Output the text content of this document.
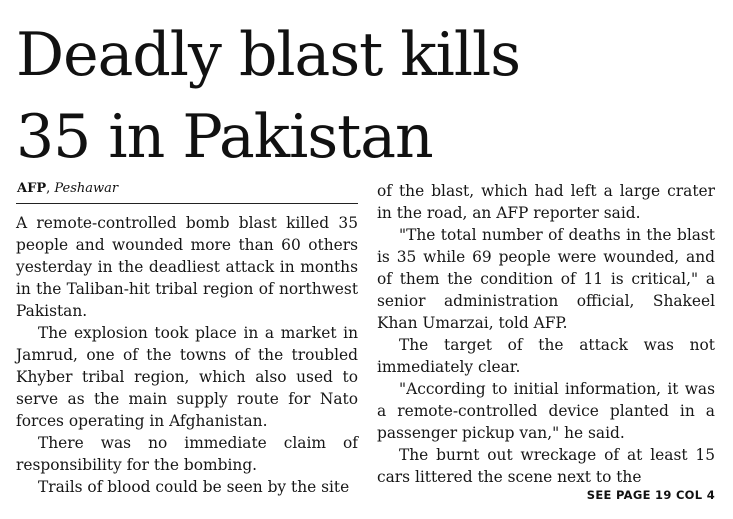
Deadly blast kills
35 in Pakistan
AFP, Peshawar

A remote-controlled bomb blast killed 35 people and wounded more than 60 others yesterday in the deadliest attack in months in the Taliban-hit tribal region of northwest Pakistan.

The explosion took place in a market in Jamrud, one of the towns of the troubled Khyber tribal region, which also used to serve as the main supply route for Nato forces operating in Afghanistan.

There was no immediate claim of responsibility for the bombing.

Trails of blood could be seen by the site

of the blast, which had left a large crater in the road, an AFP reporter said.

"The total number of deaths in the blast is 35 while 69 people were wounded, and of them the condition of 11 is critical," a senior administration official, Shakeel Khan Umarzai, told AFP.

The target of the attack was not immediately clear.

"According to initial information, it was a remote-controlled device planted in a passenger pickup van," he said.

The burnt out wreckage of at least 15 cars littered the scene next to the

SEE PAGE 19 COL 4
